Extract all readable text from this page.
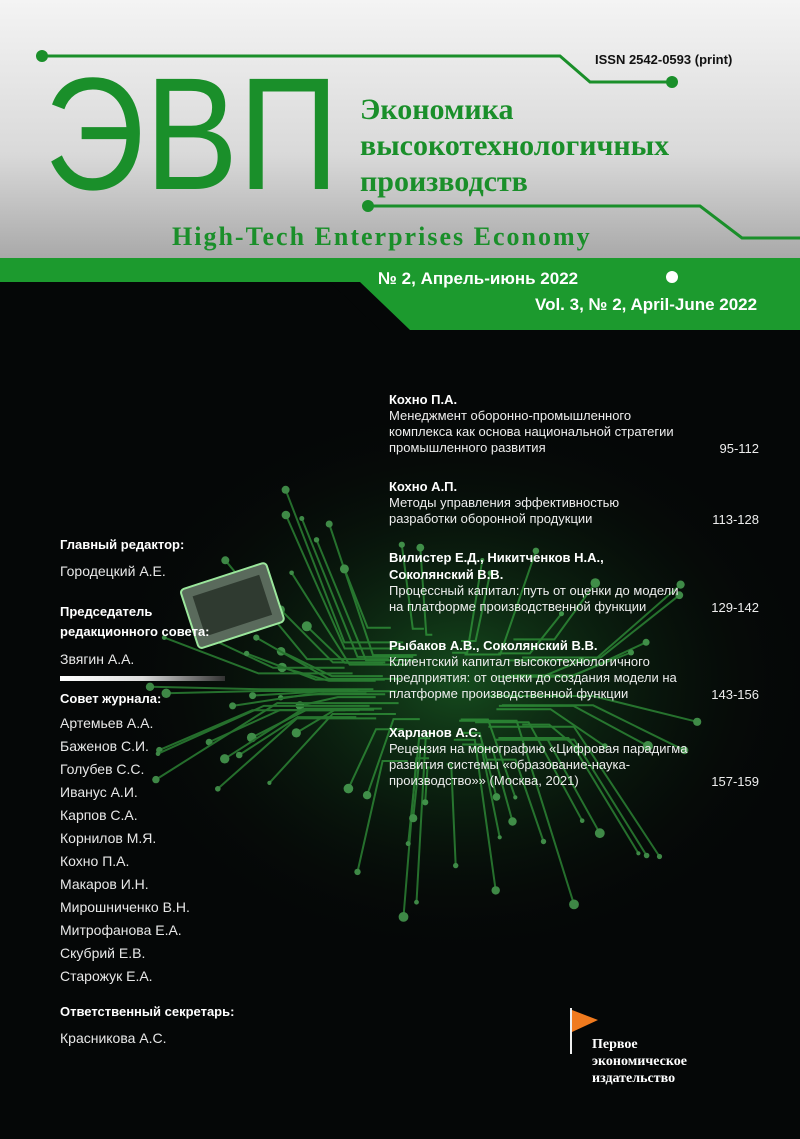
ЭВП	ISSN 2542-0593 (print)
Экономика
высокотехнологичных
производств
High-Tech Enterprises Economy
№ 2, Апрель-июнь 2022
Vol. 3, № 2, April-June 2022
Кохно П.А.
Менеджмент оборонно-промышленного комплекса как основа национальной стратегии промышленного развития	95-112
Кохно А.П.
Методы управления эффективностью разработки оборонной продукции	113-128
Вилистер Е.Д., Никитченков Н.А., Соколянский В.В.
Процессный капитал: путь от оценки до модели на платформе производственной функции	129-142
Рыбаков А.В., Соколянский В.В.
Клиентский капитал высокотехнологичного предприятия: от оценки до создания модели на платформе производственной функции	143-156
Харланов А.С.
Рецензия на монографию «Цифровая парадигма развития системы «образование-наука-производство»» (Москва, 2021)	157-159
Главный редактор:
Городецкий А.Е.
Председатель редакционного совета:
Звягин А.А.
Совет журнала:
Артемьев А.А.
Баженов С.И.
Голубев С.С.
Иванус А.И.
Карпов С.А.
Корнилов М.Я.
Кохно П.А.
Макаров И.Н.
Мирошниченко В.Н.
Митрофанова Е.А.
Скубрий Е.В.
Старожук Е.А.
Ответственный секретарь:
Красникова А.С.	Первое
экономическое
издательство
